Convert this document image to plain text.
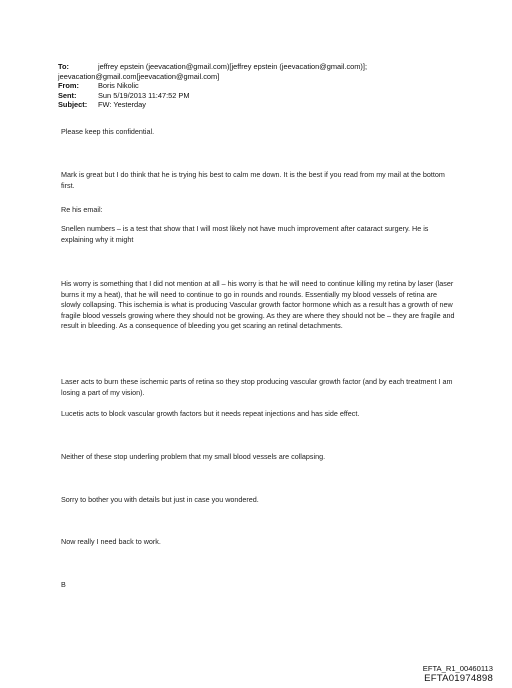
To:	jeffrey epstein (jeevacation@gmail.com)[jeffrey epstein (jeevacation@gmail.com)];
jeevacation@gmail.com[jeevacation@gmail.com]
From:	Boris Nikolic
Sent:	Sun 5/19/2013 11:47:52 PM
Subject:	FW: Yesterday

Please keep this confidential.

Mark is great but I do think that he is trying his best to calm me down. It is the best if you read from my mail at the bottom first.

Re his email:

Snellen numbers – is a test that show that I will most likely not have much improvement after cataract surgery. He is explaining why it might

His worry is something that I did not mention at all – his worry is that he will need to continue killing my retina by laser (laser burns it my a heat), that he will need to continue to go in rounds and rounds. Essentially my blood vessels of retina are slowly collapsing. This ischemia is what is producing Vascular growth factor hormone which as a result has a growth of new fragile blood vessels growing where they should not be growing. As they are where they should not be – they are fragile and result in bleeding. As a consequence of bleeding you get scaring an retinal detachments.

Laser acts to burn these ischemic parts of retina so they stop producing vascular growth factor (and by each treatment I am losing a part of my vision).

Lucetis acts to block vascular growth factors but it needs repeat injections and has side effect.

Neither of these stop underling problem that my small blood vessels are collapsing.

Sorry to bother you with details but just in case you wondered.

Now really I need back to work.

B

EFTA_R1_00460113
EFTA01974898
